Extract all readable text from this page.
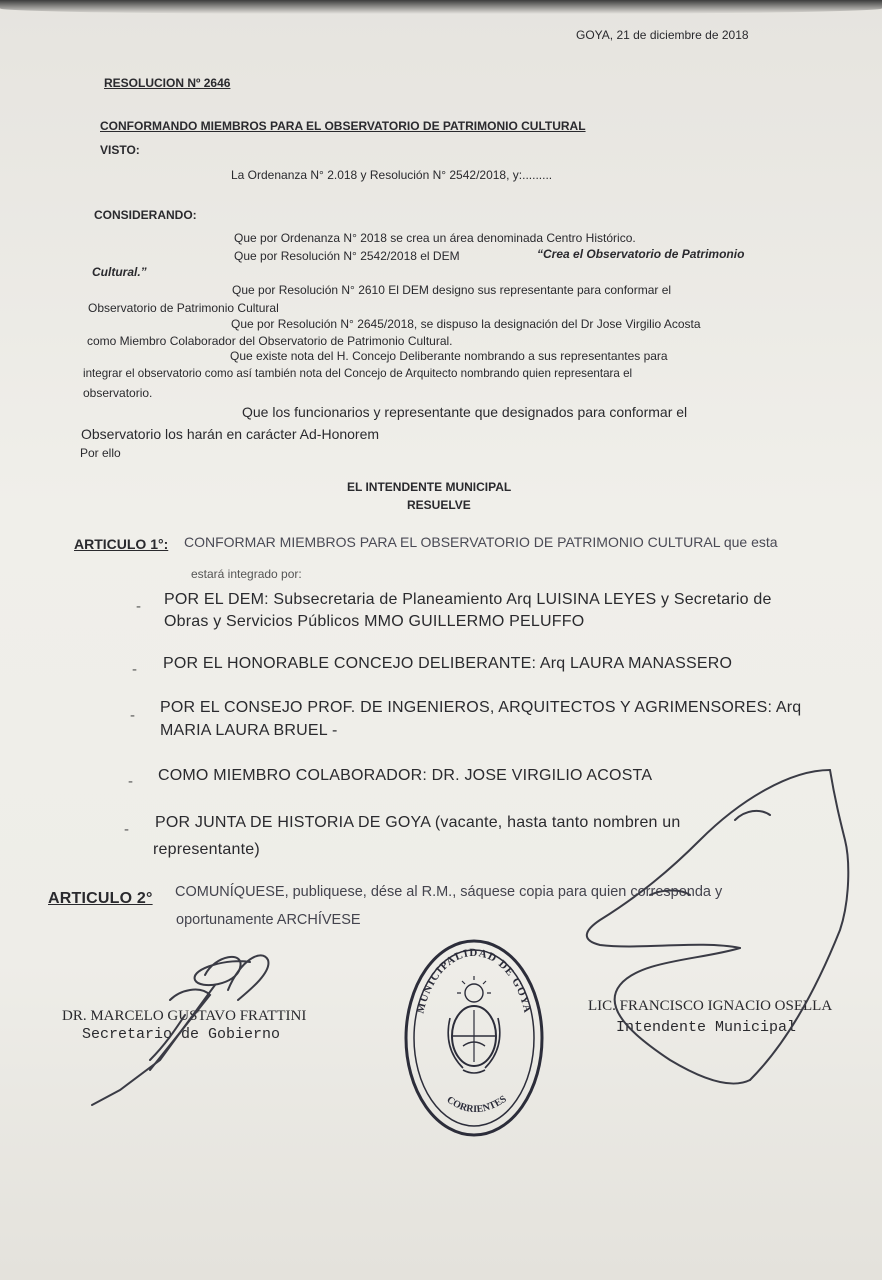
GOYA, 21 de diciembre de 2018
RESOLUCION Nº 2646
CONFORMANDO MIEMBROS PARA EL OBSERVATORIO DE PATRIMONIO CULTURAL
VISTO:
La Ordenanza N° 2.018 y Resolución N° 2542/2018, y:.........
CONSIDERANDO:
Que por Ordenanza N° 2018 se crea un área denominada Centro Histórico.
Que por Resolución N° 2542/2018 el DEM	“Crea el Observatorio de Patrimonio
Cultural.”
Que por Resolución N° 2610 El DEM designo sus representante para conformar el
Observatorio de Patrimonio Cultural
Que por Resolución N° 2645/2018, se dispuso la designación del Dr Jose Virgilio Acosta
como Miembro Colaborador del Observatorio de Patrimonio Cultural.
Que existe nota del H. Concejo Deliberante nombrando a sus representantes para
integrar el observatorio como así también nota del Concejo de Arquitecto nombrando quien representara el
observatorio.
Que los funcionarios y representante que designados para conformar el
Observatorio los harán en carácter Ad-Honorem
Por ello
EL INTENDENTE MUNICIPAL
RESUELVE
ARTICULO 1°: CONFORMAR MIEMBROS PARA EL OBSERVATORIO DE PATRIMONIO CULTURAL que esta
estará integrado por:
- POR EL DEM: Subsecretaria de Planeamiento Arq LUISINA LEYES y Secretario de
Obras y Servicios Públicos MMO GUILLERMO PELUFFO
- POR EL HONORABLE CONCEJO DELIBERANTE: Arq LAURA MANASSERO
- POR EL CONSEJO PROF. DE INGENIEROS, ARQUITECTOS Y AGRIMENSORES: Arq
MARIA LAURA BRUEL -
- COMO MIEMBRO COLABORADOR: DR. JOSE VIRGILIO ACOSTA
- POR JUNTA DE HISTORIA DE GOYA (vacante, hasta tanto nombren un
representante)
ARTICULO 2° COMUNÍQUESE, publiquese, dése al R.M., sáquese copia para quien corresponda y
oportunamente ARCHÍVESE
DR. MARCELO GUSTAVO FRATTINI
Secretario de Gobierno
LIC. FRANCISCO IGNACIO OSELLA
Intendente Municipal
MUNICIPALIDAD DE GOYA
CORRIENTES
